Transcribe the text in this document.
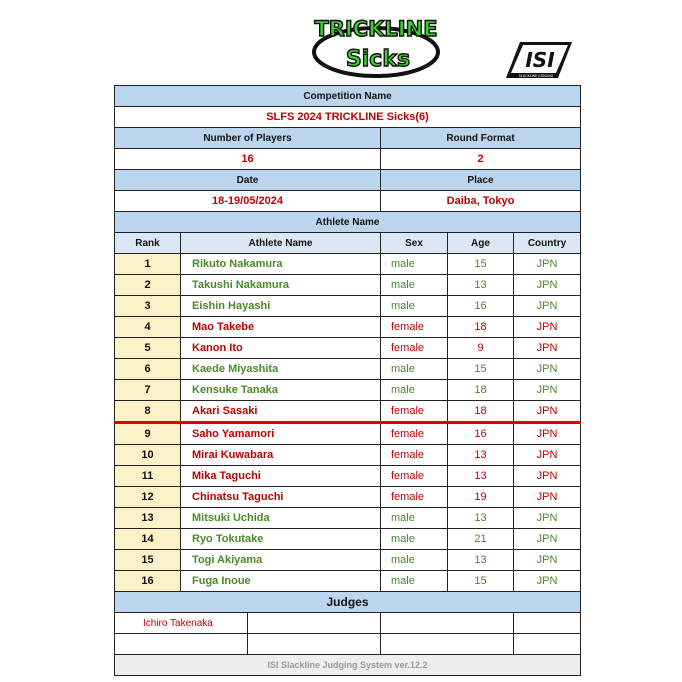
TRICKLINE
Sicks	ISI
SLACKLINE JUDGING
Competition Name					
SLFS 2024 TRICKLINE Sicks(6)					
Number of Players			Round Format		
16			2		
Date			Place		
18-19/05/2024			Daiba, Tokyo		
Athlete Name					
Rank	Athlete Name		Sex	Age	Country
1	Rikuto Nakamura		male	15	JPN
2	Takushi Nakamura		male	13	JPN
3	Eishin Hayashi		male	16	JPN
4	Mao Takebe		female	18	JPN
5	Kanon Ito		female	9	JPN
6	Kaede Miyashita		male	15	JPN
7	Kensuke Tanaka		male	18	JPN
8	Akari Sasaki		female	18	JPN
9	Saho Yamamori		female	16	JPN
10	Mirai Kuwabara		female	13	JPN
11	Mika Taguchi		female	13	JPN
12	Chinatsu Taguchi		female	19	JPN
13	Mitsuki Uchida		male	13	JPN
14	Ryo Tokutake		male	21	JPN
15	Togi Akiyama		male	13	JPN
16	Fuga Inoue		male	15	JPN
Judges					
Ichiro Takenaka					

ISI Slackline Judging System ver.12.2					
